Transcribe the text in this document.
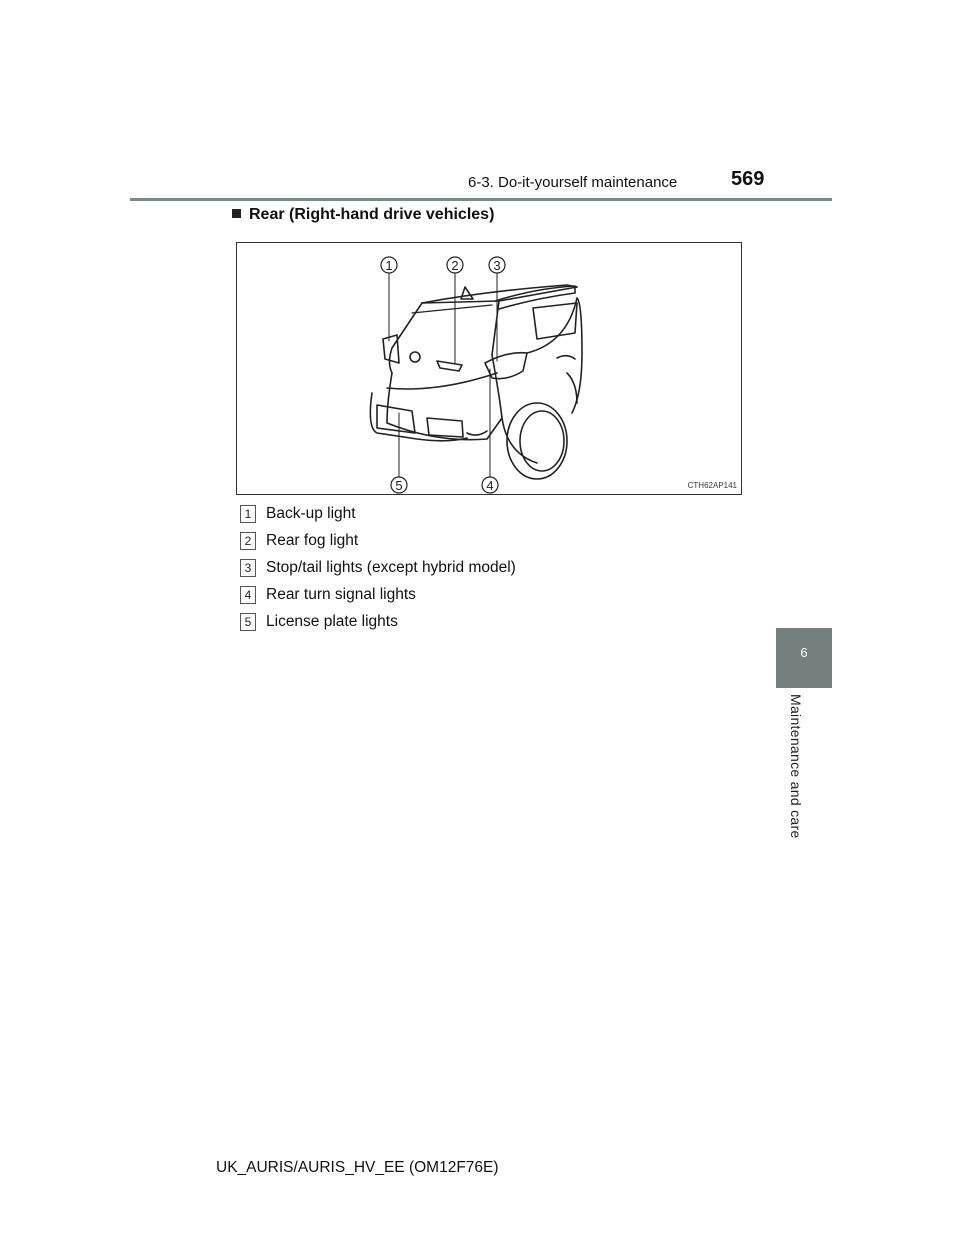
6-3. Do-it-yourself maintenance	569
6
Maintenance and care
Rear (Right-hand drive vehicles)
1	2	3
4
5	CTH62AP141
1 Back-up light
2 Rear fog light
3 Stop/tail lights (except hybrid model)
4 Rear turn signal lights
5 License plate lights
UK_AURIS/AURIS_HV_EE (OM12F76E)
